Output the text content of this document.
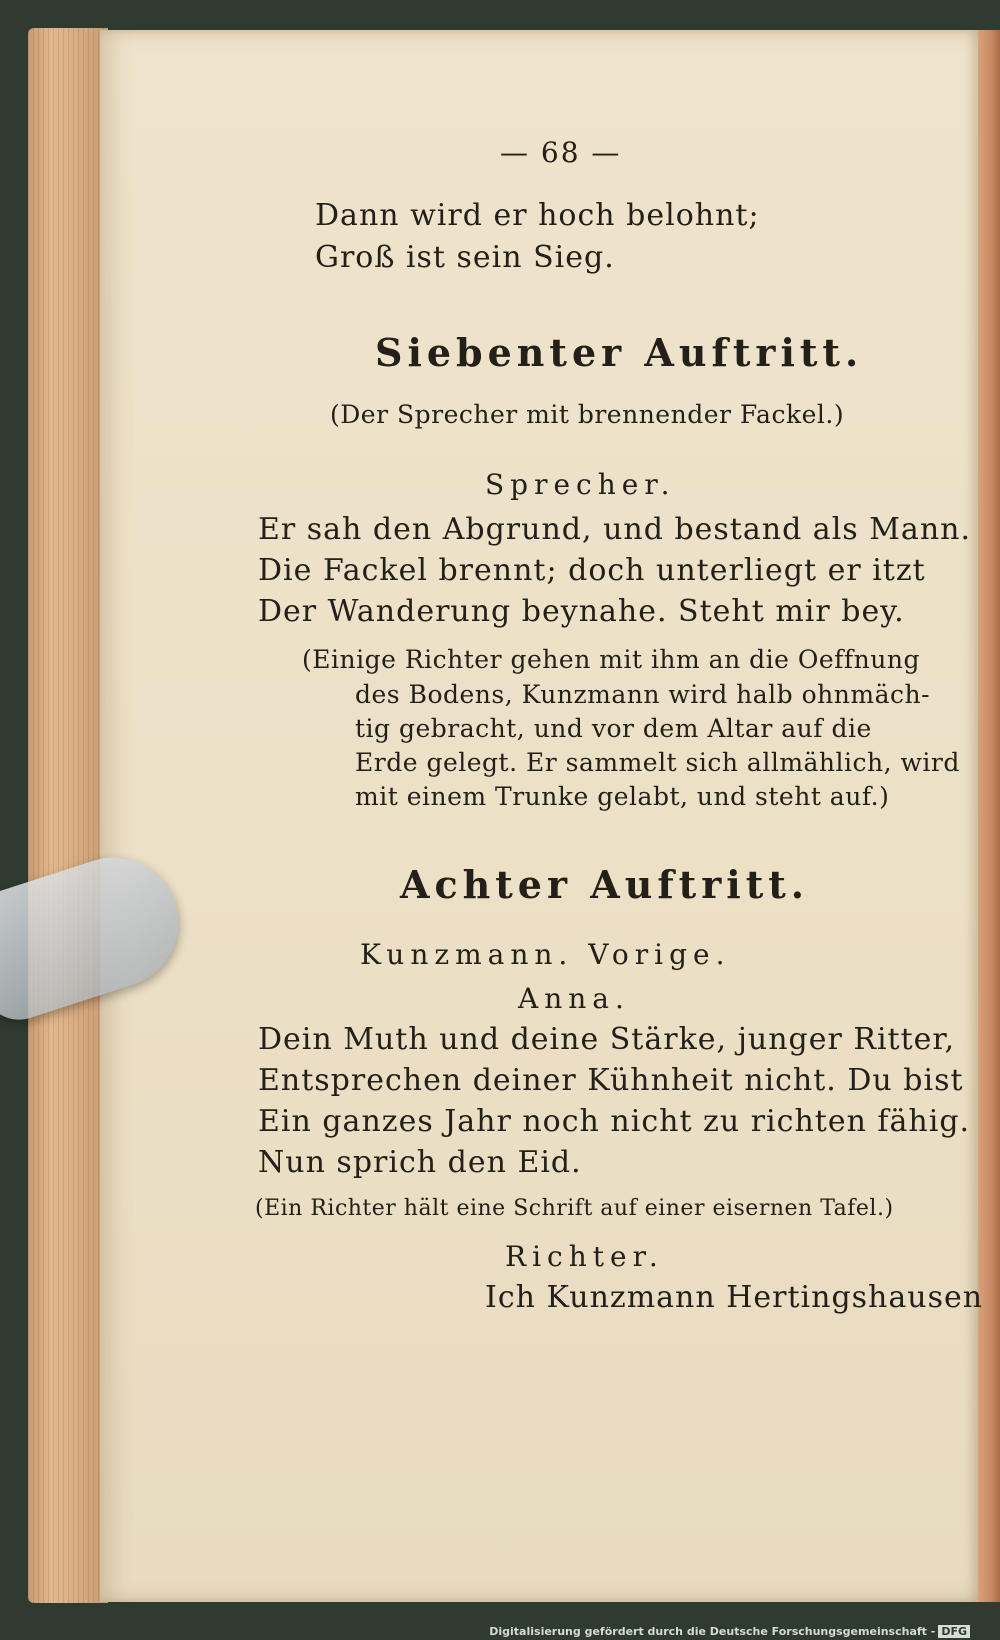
— 68 —
Dann wird er hoch belohnt;
Groß ist sein Sieg.
Siebenter Auftritt.
(Der Sprecher mit brennender Fackel.)
Sprecher.
Er sah den Abgrund, und bestand als Mann.
Die Fackel brennt; doch unterliegt er itzt
Der Wanderung beynahe. Steht mir bey.
(Einige Richter gehen mit ihm an die Oeffnung
des Bodens, Kunzmann wird halb ohnmäch-
tig gebracht, und vor dem Altar auf die
Erde gelegt. Er sammelt sich allmählich, wird
mit einem Trunke gelabt, und steht auf.)
Achter Auftritt.
Kunzmann. Vorige.
Anna.
Dein Muth und deine Stärke, junger Ritter,
Entsprechen deiner Kühnheit nicht. Du bist
Ein ganzes Jahr noch nicht zu richten fähig.
Nun sprich den Eid.
(Ein Richter hält eine Schrift auf einer eisernen Tafel.)
Richter.
Ich Kunzmann Hertingshausen
Digitalisierung gefördert durch die Deutsche Forschungsgemeinschaft - DFG
